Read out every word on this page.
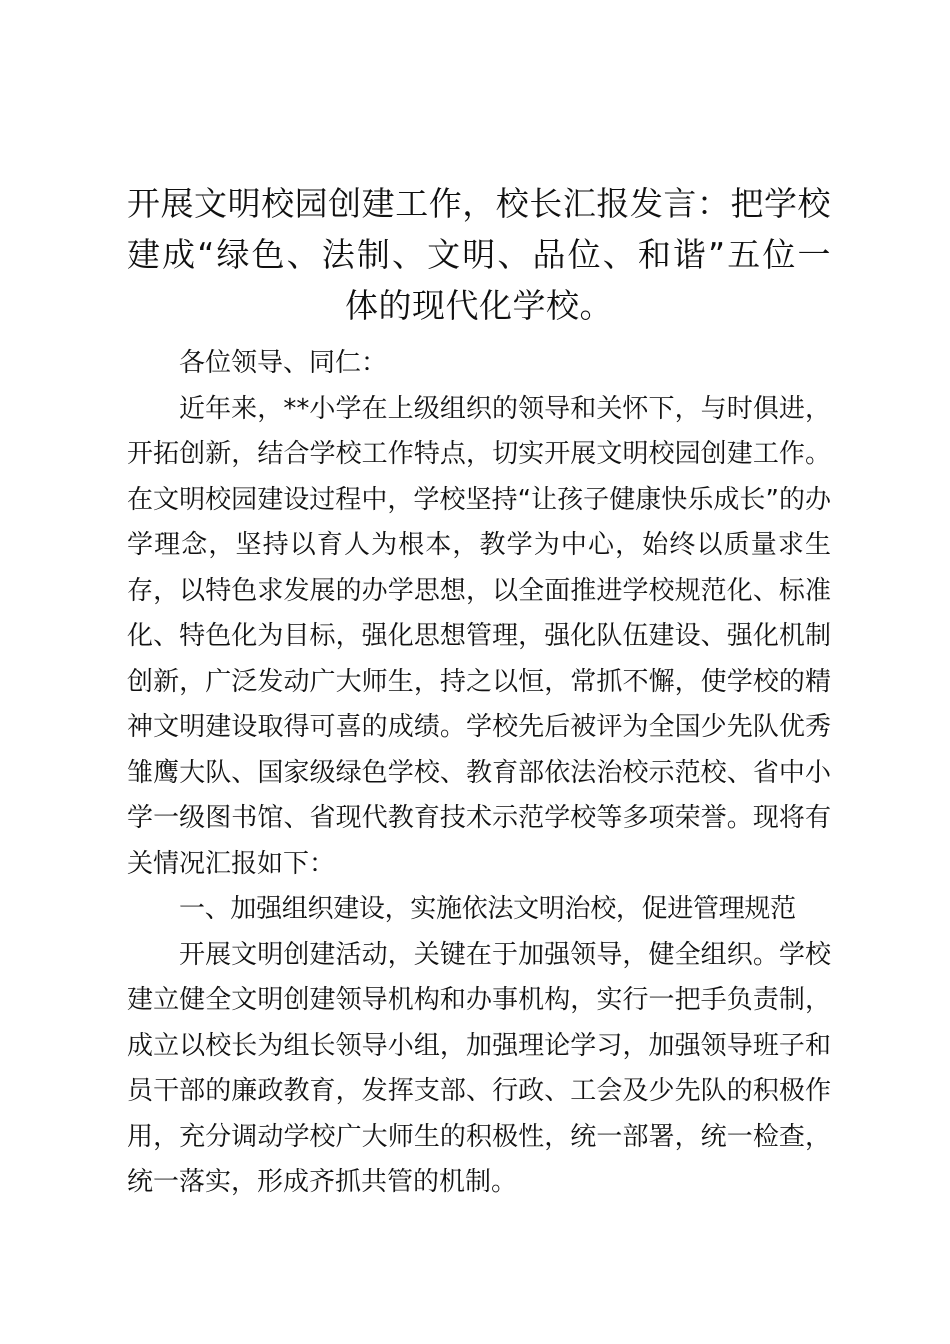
开展文明校园创建工作，校长汇报发言：把学校建成“绿色、法制、文明、品位、和谐”五位一体的现代化学校。

各位领导、同仁：

近年来，**小学在上级组织的领导和关怀下，与时俱进，开拓创新，结合学校工作特点，切实开展文明校园创建工作。在文明校园建设过程中，学校坚持“让孩子健康快乐成长”的办学理念，坚持以育人为根本，教学为中心，始终以质量求生存，以特色求发展的办学思想，以全面推进学校规范化、标准化、特色化为目标，强化思想管理，强化队伍建设、强化机制创新，广泛发动广大师生，持之以恒，常抓不懈，使学校的精神文明建设取得可喜的成绩。学校先后被评为全国少先队优秀雏鹰大队、国家级绿色学校、教育部依法治校示范校、省中小学一级图书馆、省现代教育技术示范学校等多项荣誉。现将有关情况汇报如下：

一、加强组织建设，实施依法文明治校，促进管理规范

开展文明创建活动，关键在于加强领导，健全组织。学校建立健全文明创建领导机构和办事机构，实行一把手负责制，成立以校长为组长领导小组，加强理论学习，加强领导班子和员干部的廉政教育，发挥支部、行政、工会及少先队的积极作用，充分调动学校广大师生的积极性，统一部署，统一检查，统一落实，形成齐抓共管的机制。
